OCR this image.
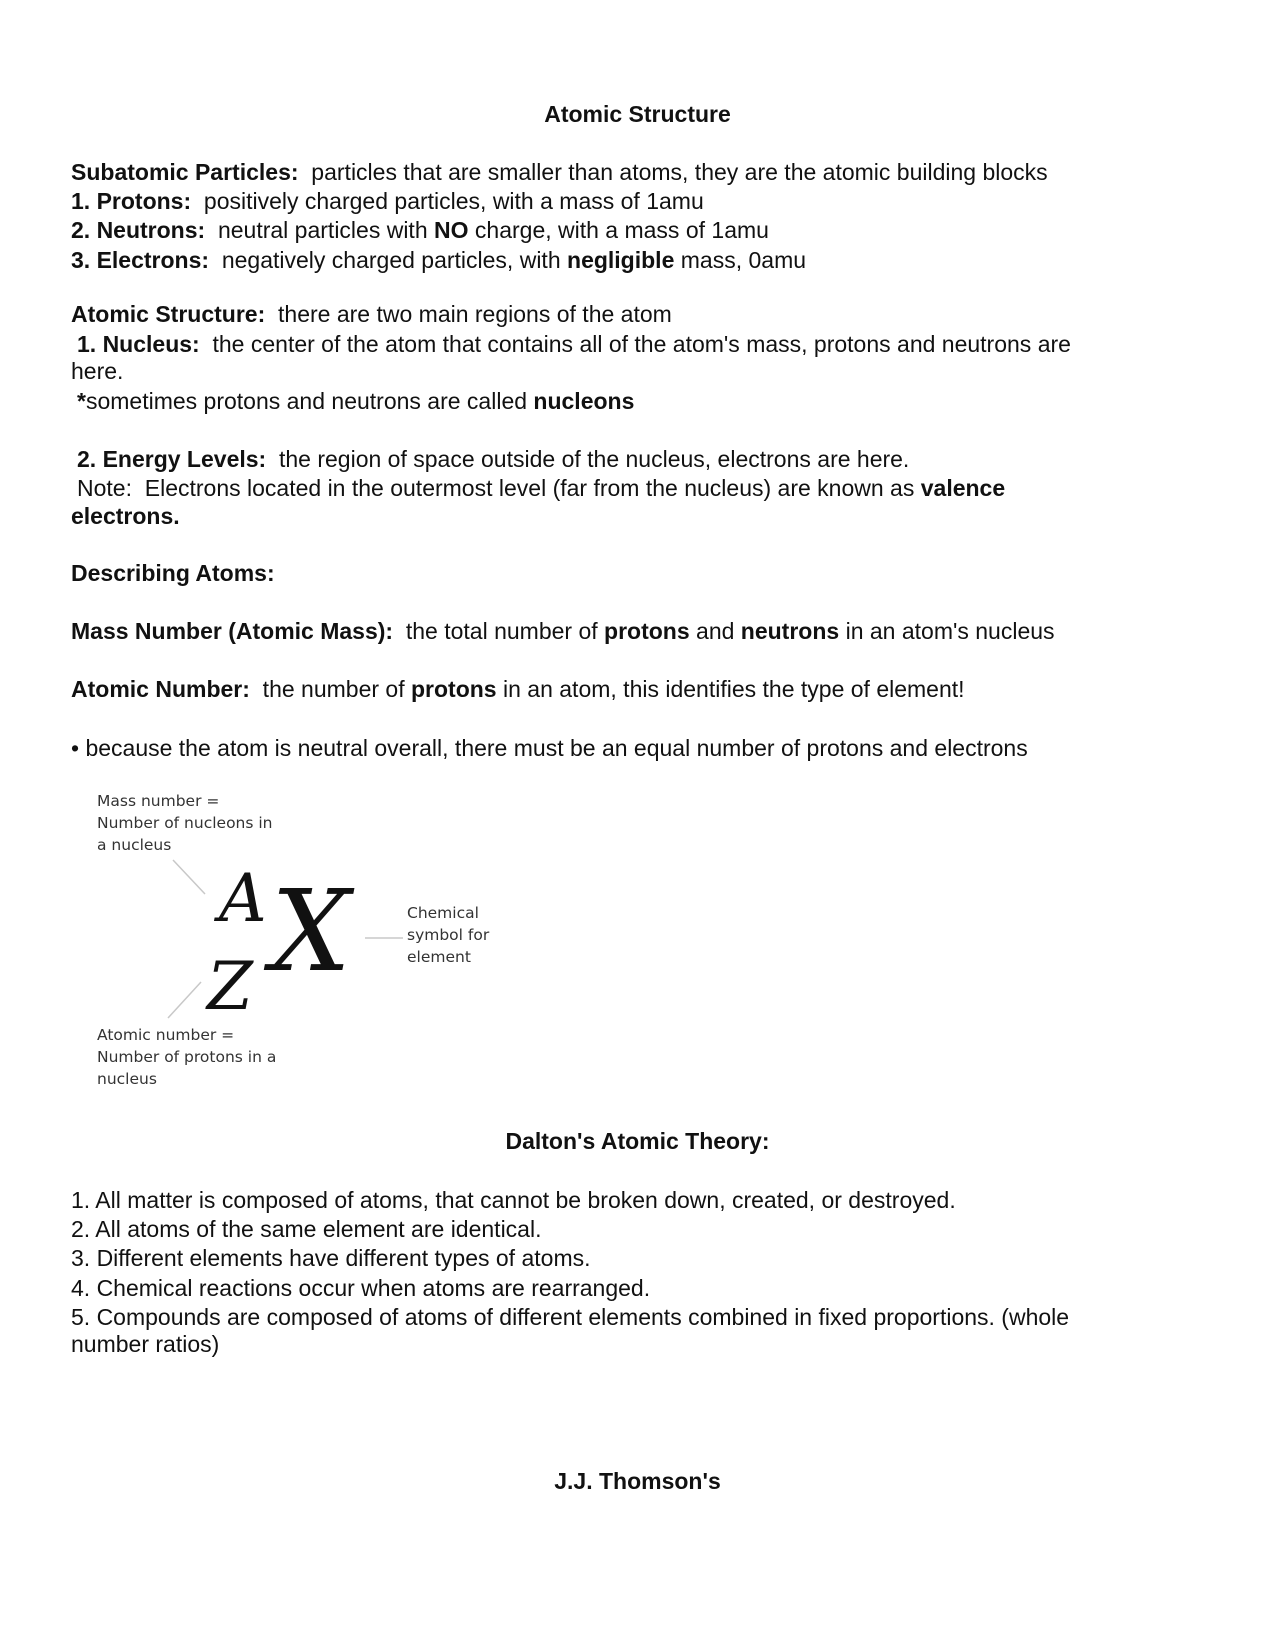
Atomic Structure
Subatomic Particles:  particles that are smaller than atoms, they are the atomic building blocks
1. Protons:  positively charged particles, with a mass of 1amu
2. Neutrons:  neutral particles with NO charge, with a mass of 1amu
3. Electrons:  negatively charged particles, with negligible mass, 0amu
Atomic Structure:  there are two main regions of the atom
1. Nucleus:  the center of the atom that contains all of the atom's mass, protons and neutrons are
here.
*sometimes protons and neutrons are called nucleons
2. Energy Levels:  the region of space outside of the nucleus, electrons are here.
Note:  Electrons located in the outermost level (far from the nucleus) are known as valence
electrons.
Describing Atoms:
Mass Number (Atomic Mass):  the total number of protons and neutrons in an atom's nucleus
Atomic Number:  the number of protons in an atom, this identifies the type of element!
• because the atom is neutral overall, there must be an equal number of protons and electrons
Mass number =
Number of nucleons in
a nucleus
A
Z X	Chemical
symbol for
element
Atomic number =
Number of protons in a
nucleus
Dalton's Atomic Theory:
1. All matter is composed of atoms, that cannot be broken down, created, or destroyed.
2. All atoms of the same element are identical.
3. Different elements have different types of atoms.
4. Chemical reactions occur when atoms are rearranged.
5. Compounds are composed of atoms of different elements combined in fixed proportions. (whole
number ratios)
J.J. Thomson's
